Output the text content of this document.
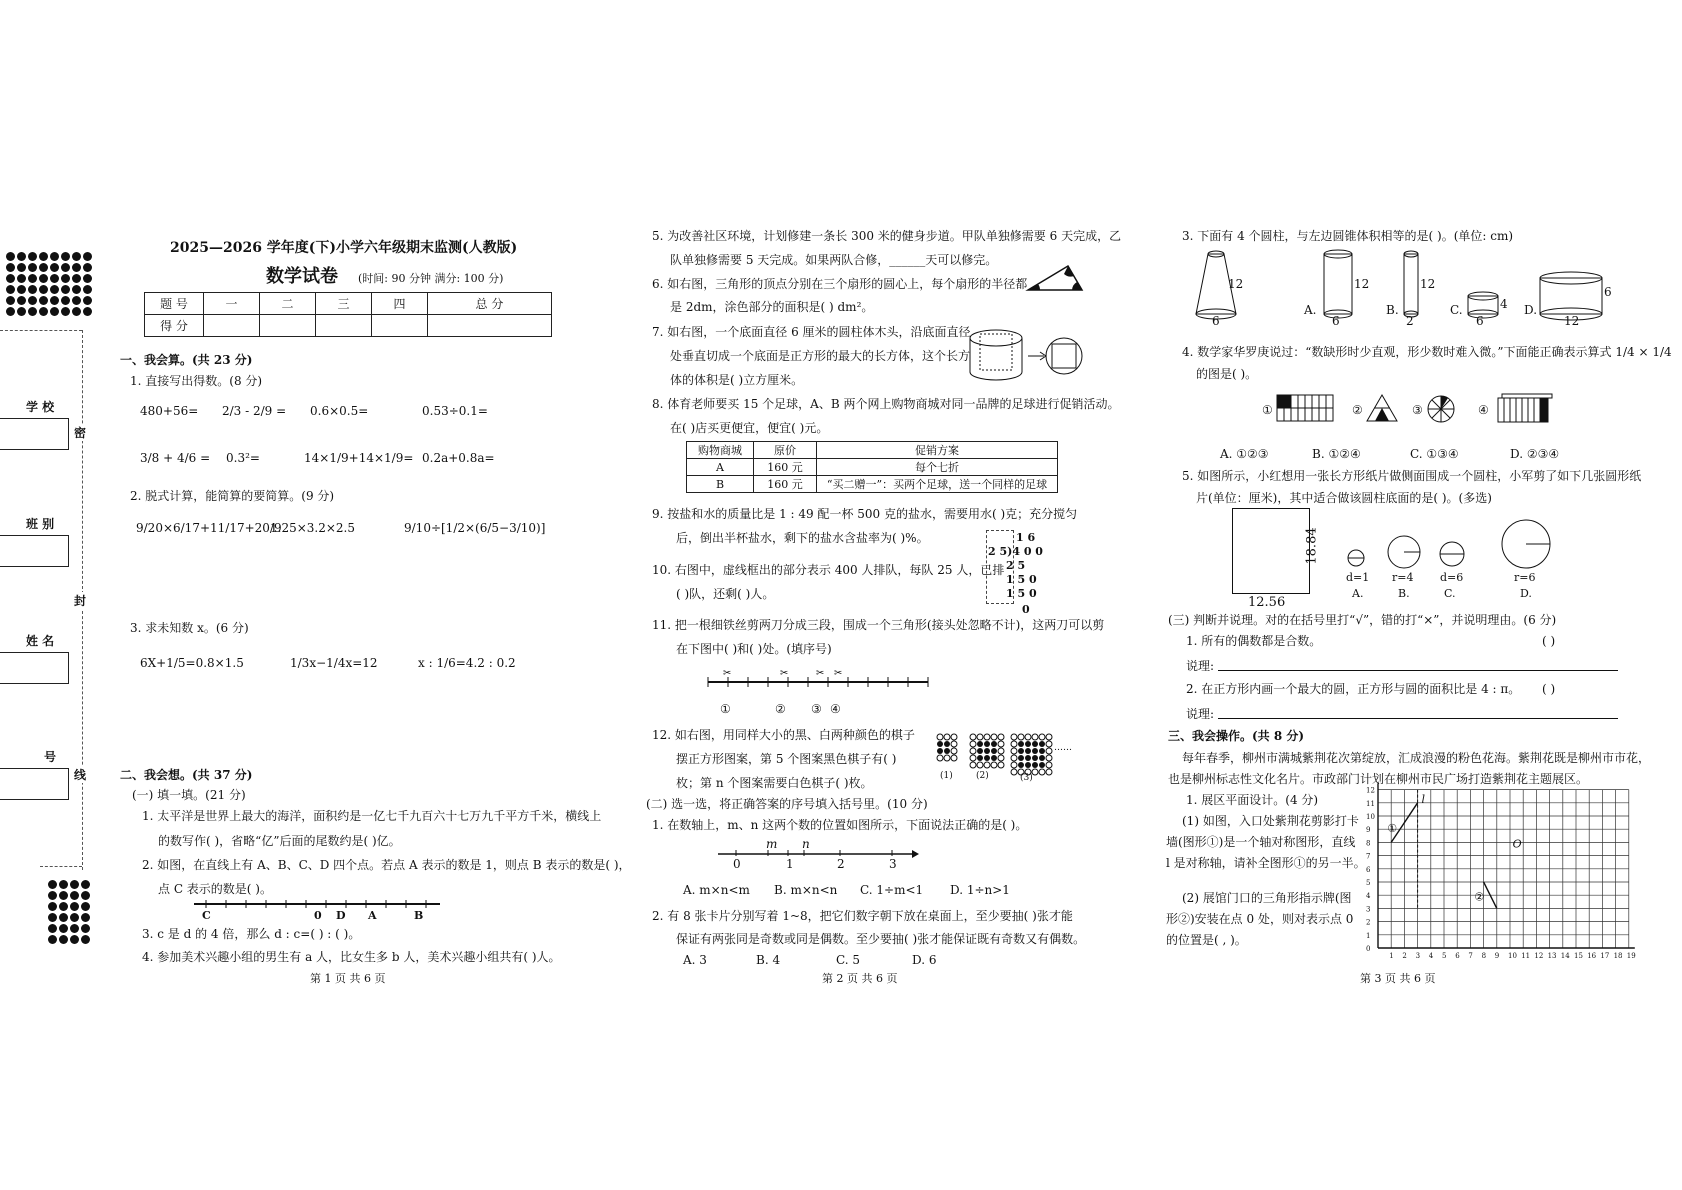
学 校
班 别
姓 名
号
密
封
线
2025—2026 学年度(下)小学六年级期末监测(人教版)
数学试卷 (时间: 90 分钟 满分: 100 分)
题 号	一	二	三	四	总 分
得 分					
一、我会算。(共 23 分)
1. 直接写出得数。(8 分)
480+56= 2/3 - 2/9 = 0.6×0.5=	0.53÷0.1=
3/8 + 4/6 = 0.3²=	14×1/9+14×1/9= 0.2a+0.8a=
2. 脱式计算，能简算的要简算。(9 分)
9/20×6/17+11/17+20/9
1.25×3.2×2.5	9/10÷[1/2×(6/5−3/10)]
3. 求未知数 x。(6 分)
6X+1/5=0.8×1.5	1/3x−1/4x=12	x : 1/6=4.2 : 0.2
二、我会想。(共 37 分)
(一) 填一填。(21 分)
1. 太平洋是世界上最大的海洋，面积约是一亿七千九百六十七万九千平方千米，横线上
的数写作( )，省略“亿”后面的尾数约是( )亿。
2. 如图，在直线上有 A、B、C、D 四个点。若点 A 表示的数是 1，则点 B 表示的数是( )，
点 C 表示的数是( )。
C	0 D A	B
3. c 是 d 的 4 倍，那么 d : c=( ) : ( )。
4. 参加美术兴趣小组的男生有 a 人，比女生多 b 人，美术兴趣小组共有( )人。
第 1 页 共 6 页
5. 为改善社区环境，计划修建一条长 300 米的健身步道。甲队单独修需要 6 天完成，乙
队单独修需要 5 天完成。如果两队合修，______天可以修完。
6. 如右图，三角形的顶点分别在三个扇形的圆心上，每个扇形的半径都
是 2dm，涂色部分的面积是( ) dm²。
7. 如右图，一个底面直径 6 厘米的圆柱体木头，沿底面直径
处垂直切成一个底面是正方形的最大的长方体，这个长方
体的体积是( )立方厘米。
8. 体育老师要买 15 个足球，A、B 两个网上购物商城对同一品牌的足球进行促销活动。
在( )店买更便宜，便宜( )元。
购物商城	原价	促销方案
A	160 元	每个七折
B	160 元	“买二赠一”：买两个足球，送一个同样的足球
9. 按盐和水的质量比是 1 : 49 配一杯 500 克的盐水，需要用水( )克；充分搅匀
后，倒出半杯盐水，剩下的盐水含盐率为( )%。
10. 右图中，虚线框出的部分表示 400 人排队，每队 25 人，已排
( )队，还剩( )人。
1 6
2 5)4 0 0
2 5
1 5 0
1 5 0
0
11. 把一根细铁丝剪两刀分成三段，围成一个三角形(接头处忽略不计)，这两刀可以剪
在下图中( )和( )处。(填序号)
✂	✂	✂ ✂
①	② ③ ④
12. 如右图，用同样大小的黑、白两种颜色的棋子
摆正方形图案，第 5 个图案黑色棋子有( )
枚；第 n 个图案需要白色棋子( )枚。	(1)	(2)	(3)
……
(二) 选一选，将正确答案的序号填入括号里。(10 分)
1. 在数轴上，m、n 这两个数的位置如图所示，下面说法正确的是( )。
0	1	2	3
m n
A. m×n<m B. m×n<n C. 1÷m<1 D. 1÷n>1
2. 有 8 张卡片分别写着 1~8，把它们数字朝下放在桌面上，至少要抽( )张才能
保证有两张同是奇数或同是偶数。至少要抽( )张才能保证既有奇数又有偶数。
A. 3	B. 4	C. 5	D. 6
第 2 页 共 6 页
3. 下面有 4 个圆柱，与左边圆锥体积相等的是( )。(单位: cm)
12
6
A.
12
6
B.
12
2
C.	4
6
D.
6
12
4. 数学家华罗庚说过：“数缺形时少直观，形少数时难入微。”下面能正确表示算式 1/4 × 1/4
的图是( )。
①	②	③	④
A. ①②③	B. ①②④	C. ①③④	D. ②③④
5. 如图所示，小红想用一张长方形纸片做侧面围成一个圆柱，小军剪了如下几张圆形纸
片(单位：厘米)，其中适合做该圆柱底面的是( )。(多选)
18.84
12.56
d=1 r=4 d=6	r=6
A.	B.	C.	D.
(三) 判断并说理。对的在括号里打“√”，错的打“×”，并说明理由。(6 分)
1. 所有的偶数都是合数。	( )
说理:
2. 在正方形内画一个最大的圆，正方形与圆的面积比是 4 : π。 ( )
说理:
三、我会操作。(共 8 分)
每年春季，柳州市满城紫荆花次第绽放，汇成浪漫的粉色花海。紫荆花既是柳州市市花，
也是柳州标志性文化名片。市政部门计划在柳州市民广场打造紫荆花主题展区。
1. 展区平面设计。(4 分)
(1) 如图，入口处紫荆花剪影打卡
墙(图形①)是一个轴对称图形，直线
l 是对称轴，请补全图形①的另一半。
(2) 展馆门口的三角形指示牌(图
形②)安装在点 0 处，则对表示点 0
的位置是( , )。
1 2 3 4 5 6 7 8 9 10 11 12 13 14 15 16 17 18 19
0
1
2
3
4
5
6
7
8
9
10
11
12
①
②
l
O
第 3 页 共 6 页
